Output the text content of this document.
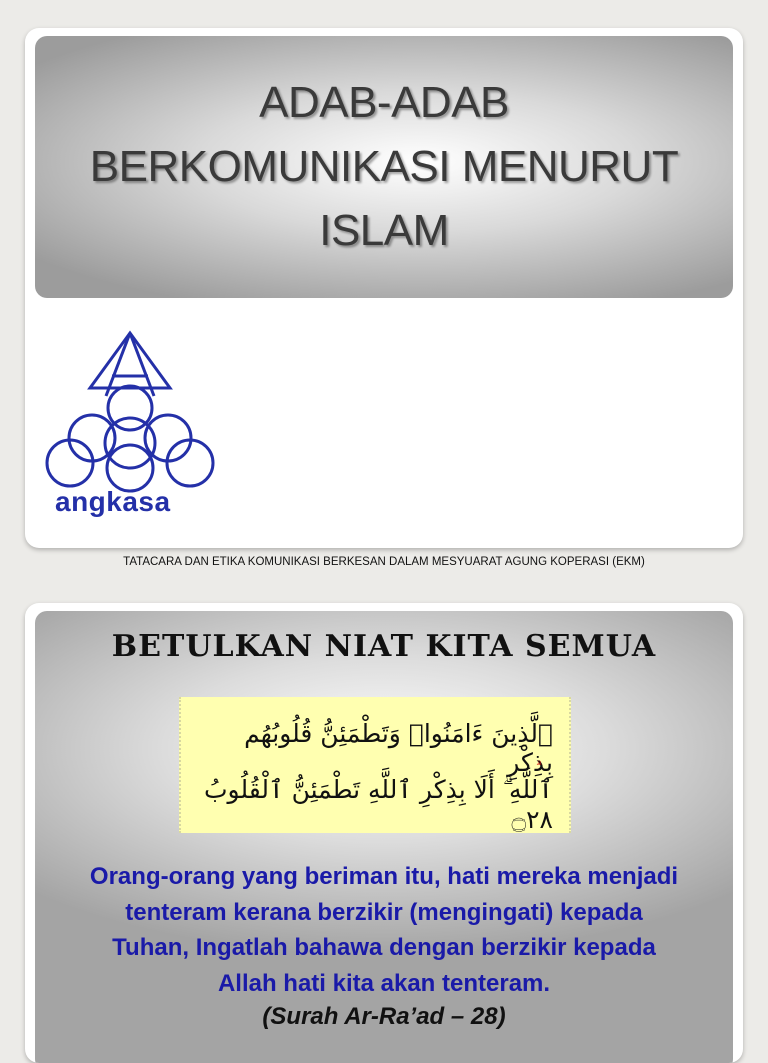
ADAB-ADAB
BERKOMUNIKASI MENURUT
ISLAM
angkasa
TATACARA DAN ETIKA KOMUNIKASI BERKESAN DALAM MESYUARAT AGUNG KOPERASI (EKM)
BETULKAN NIAT KITA SEMUA
ٱلَّذِينَ ءَامَنُوا۟ وَتَطْمَئِنُّ قُلُوبُهُم بِذِكْرِ
ٱللَّهِ ۗ أَلَا بِذِكْرِ ٱللَّهِ تَطْمَئِنُّ ٱلْقُلُوبُ ۝٢٨
Orang-orang yang beriman itu, hati mereka menjadi
tenteram kerana berzikir (mengingati) kepada
Tuhan, Ingatlah bahawa dengan berzikir kepada
Allah hati kita akan tenteram.
(Surah Ar-Ra’ad – 28)
